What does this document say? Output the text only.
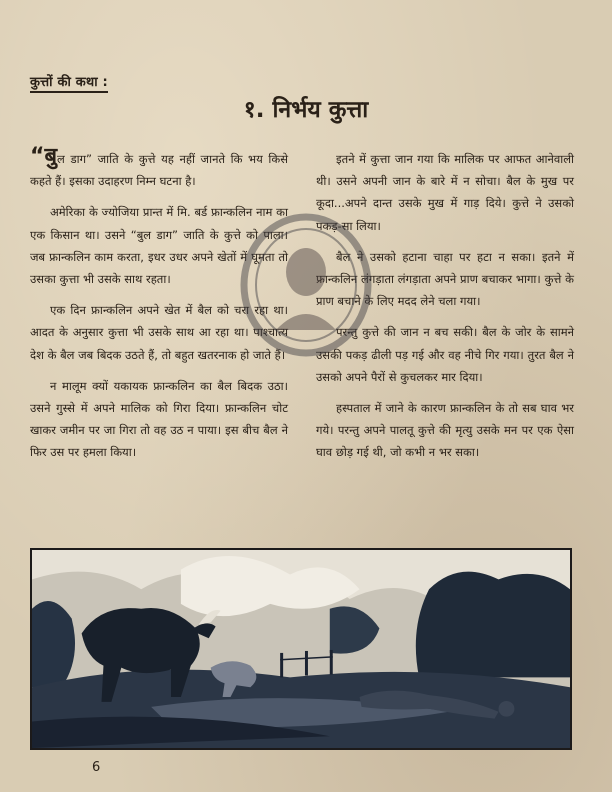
कुत्तों की कथा :
१. निर्भय कुत्ता

“बुल डाग” जाति के कुत्ते यह नहीं जानते कि भय किसे कहते हैं। इसका उदाहरण निम्न घटना है।

अमेरिका के ज्योजिया प्रान्त में मि. बर्ड फ्रान्कलिन नाम का एक किसान था। उसने “बुल डाग” जाति के कुत्ते को पाला। जब फ्रान्कलिन काम करता, इधर उधर अपने खेतों में घूमता तो उसका कुत्ता भी उसके साथ रहता।

एक दिन फ्रान्कलिन अपने खेत में बैल को चरा रहा था। आदत के अनुसार कुत्ता भी उसके साथ आ रहा था। पाश्चात्य देश के बैल जब बिदक उठते हैं, तो बहुत खतरनाक हो जाते हैं।

न मालूम क्यों यकायक फ्रान्कलिन का बैल बिदक उठा। उसने गुस्से में अपने मालिक को गिरा दिया। फ्रान्कलिन चोट खाकर जमीन पर जा गिरा तो वह उठ न पाया। इस बीच बैल ने फिर उस पर हमला किया।

इतने में कुत्ता जान गया कि मालिक पर आफत आनेवाली थी। उसने अपनी जान के बारे में न सोचा। बैल के मुख पर कूदा...अपने दान्त उसके मुख में गाड़ दिये। कुत्ते ने उसको पकड़-सा लिया।

बैल ने उसको हटाना चाहा पर हटा न सका। इतने में फ्रान्कलिन लंगड़ाता लंगड़ाता अपने प्राण बचाकर भागा। कुत्ते के प्राण बचाने के लिए मदद लेने चला गया।

परन्तु कुत्ते की जान न बच सकी। बैल के जोर के सामने उसकी पकड़ ढीली पड़ गई और वह नीचे गिर गया। तुरत बैल ने उसको अपने पैरों से कुचलकर मार दिया।

हस्पताल में जाने के कारण फ्रान्कलिन के तो सब घाव भर गये। परन्तु अपने पालतू कुत्ते की मृत्यु उसके मन पर एक ऐसा घाव छोड़ गई थी, जो कभी न भर सका।

6
